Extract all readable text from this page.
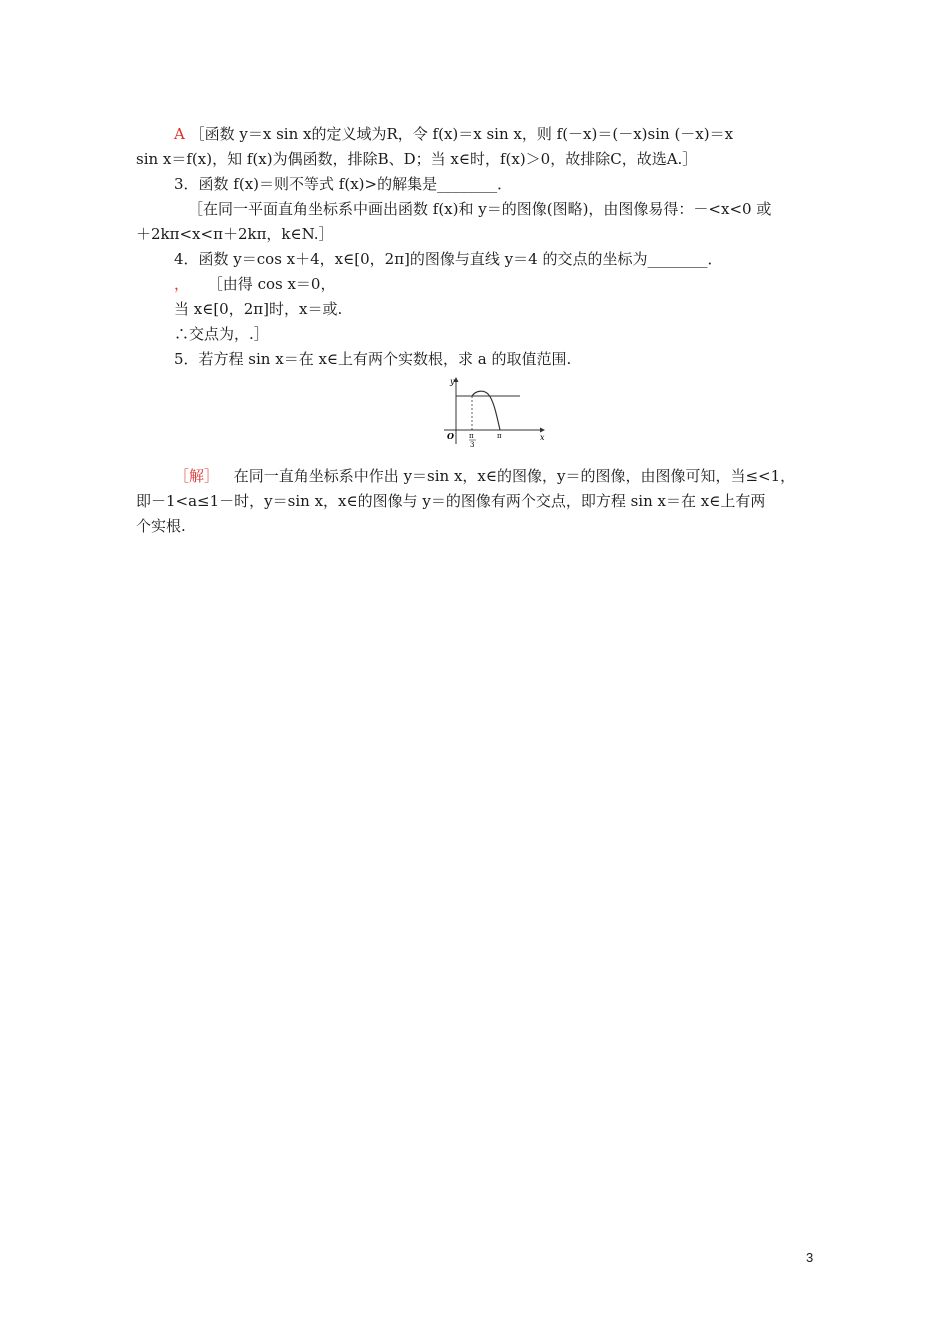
A ［函数 y＝x sin x的定义域为R，令 f(x)＝x sin x，则 f(－x)＝(－x)sin (－x)＝x
sin x＝f(x)，知 f(x)为偶函数，排除B、D；当 x∈时，f(x)＞0，故排除C，故选A.］
3．函数 f(x)＝则不等式 f(x)>的解集是________．
［在同一平面直角坐标系中画出函数 f(x)和 y＝的图像(图略)，由图像易得：－<x<0 或
＋2kπ<x<π＋2kπ，k∈N.］
4．函数 y＝cos x＋4，x∈[0，2π]的图像与直线 y＝4 的交点的坐标为________．
， ［由得 cos x＝0，
当 x∈[0，2π]时，x＝或.
∴交点为，.］
5．若方程 sin x＝在 x∈上有两个实数根，求 a 的取值范围.
y
x
O π
3
π
［解］ 在同一直角坐标系中作出 y＝sin x，x∈的图像，y＝的图像，由图像可知，当≤<1，
即－1<a≤1－时，y＝sin x，x∈的图像与 y＝的图像有两个交点，即方程 sin x＝在 x∈上有两
个实根.
3
